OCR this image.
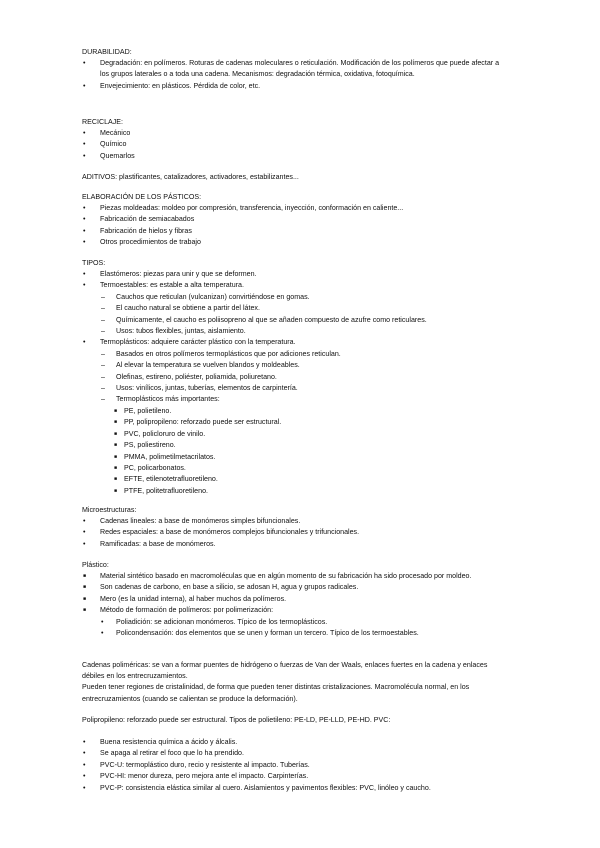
DURABILIDAD:

• Degradación: en polímeros. Roturas de cadenas moleculares o reticulación. Modificación de los polímeros que puede afectar a los grupos laterales o a toda una cadena. Mecanismos: degradación térmica, oxidativa, fotoquímica.
• Envejecimiento: en plásticos. Pérdida de color, etc.

RECICLAJE:

• Mecánico
• Químico
• Quemarlos

ADITIVOS: plastificantes, catalizadores, activadores, estabilizantes...

ELABORACIÓN DE LOS PÁSTICOS:

• Piezas moldeadas: moldeo por compresión, transferencia, inyección, conformación en caliente...
• Fabricación de semiacabados
• Fabricación de hielos y fibras
• Otros procedimientos de trabajo

TIPOS:

• Elastómeros: piezas para unir y que se deformen.
• Termoestables: es estable a alta temperatura.
– Cauchos que reticulan (vulcanizan) convirtiéndose en gomas.
– El caucho natural se obtiene a partir del látex.
– Químicamente, el caucho es poliisopreno al que se añaden compuesto de azufre como reticulares.
– Usos: tubos flexibles, juntas, aislamiento.
• Termoplásticos: adquiere carácter plástico con la temperatura.
– Basados en otros polímeros termoplásticos que por adiciones reticulan.
– Al elevar la temperatura se vuelven blandos y moldeables.
– Olefinas, estireno, poliéster, poliamida, poliuretano.
– Usos: vinílicos, juntas, tuberías, elementos de carpintería.
– Termoplásticos más importantes:
■ PE, polietileno.
■ PP, polipropileno: reforzado puede ser estructural.
■ PVC, policloruro de vinilo.
■ PS, poliestireno.
■ PMMA, polimetilmetacrilatos.
■ PC, policarbonatos.
■ EFTE, etilenotetrafluoretileno.
■ PTFE, politetrafluoretileno.

Microestructuras:

• Cadenas lineales: a base de monómeros simples bifuncionales.
• Redes espaciales: a base de monómeros complejos bifuncionales y trifuncionales.
• Ramificadas: a base de monómeros.

Plástico:

■ Material sintético basado en macromoléculas que en algún momento de su fabricación ha sido procesado por moldeo.
■ Son cadenas de carbono, en base a silicio, se adosan H, agua y grupos radicales.
■ Mero (es la unidad interna), al haber muchos da polímeros.
■ Método de formación de polímeros: por polimerización:
• Poliadición: se adicionan monómeros. Típico de los termoplásticos.
• Policondensación: dos elementos que se unen y forman un tercero. Típico de los termoestables.

Cadenas poliméricas: se van a formar puentes de hidrógeno o fuerzas de Van der Waals, enlaces fuertes en la cadena y enlaces débiles en los entrecruzamientos.

Pueden tener regiones de cristalinidad, de forma que pueden tener distintas cristalizaciones. Macromolécula normal, en los entrecruzamientos (cuando se calientan se produce la deformación).

Polipropileno: reforzado puede ser estructural. Tipos de polietileno: PE-LD, PE-LLD, PE-HD. PVC:

• Buena resistencia química a ácido y álcalis.
• Se apaga al retirar el foco que lo ha prendido.
• PVC-U: termoplástico duro, recio y resistente al impacto. Tuberías.
• PVC-HI: menor dureza, pero mejora ante el impacto. Carpinterías.
• PVC-P: consistencia elástica similar al cuero. Aislamientos y pavimentos flexibles: PVC, linóleo y caucho.
